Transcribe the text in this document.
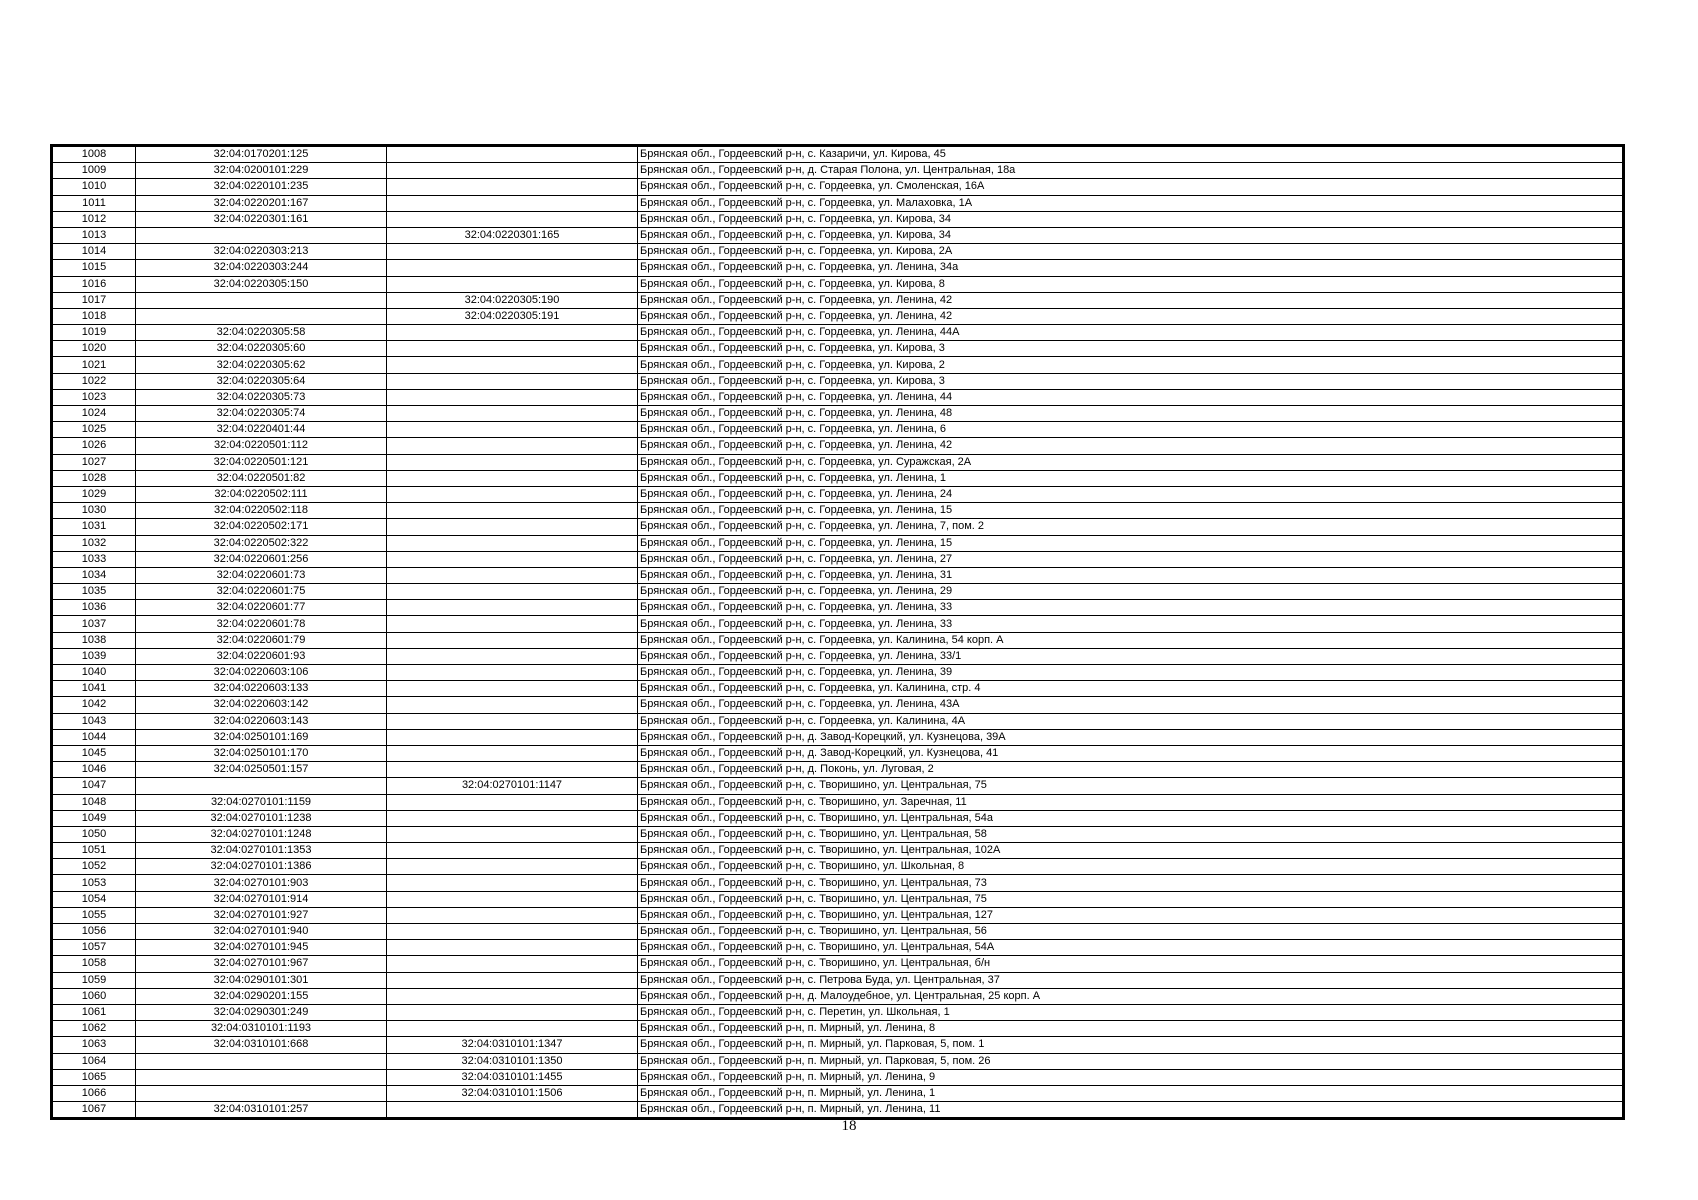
1008	32:04:0170201:125		Брянская обл., Гордеевский р-н, с. Казаричи, ул. Кирова, 45
1009	32:04:0200101:229		Брянская обл., Гордеевский р-н, д. Старая Полона, ул. Центральная, 18а
1010	32:04:0220101:235		Брянская обл., Гордеевский р-н, с. Гордеевка, ул. Смоленская, 16А
1011	32:04:0220201:167		Брянская обл., Гордеевский р-н, с. Гордеевка, ул. Малаховка, 1А
1012	32:04:0220301:161		Брянская обл., Гордеевский р-н, с. Гордеевка, ул. Кирова, 34
1013		32:04:0220301:165	Брянская обл., Гордеевский р-н, с. Гордеевка, ул. Кирова, 34
1014	32:04:0220303:213		Брянская обл., Гордеевский р-н, с. Гордеевка, ул. Кирова, 2А
1015	32:04:0220303:244		Брянская обл., Гордеевский р-н, с. Гордеевка, ул. Ленина, 34а
1016	32:04:0220305:150		Брянская обл., Гордеевский р-н, с. Гордеевка, ул. Кирова, 8
1017		32:04:0220305:190	Брянская обл., Гордеевский р-н, с. Гордеевка, ул. Ленина, 42
1018		32:04:0220305:191	Брянская обл., Гордеевский р-н, с. Гордеевка, ул. Ленина, 42
1019	32:04:0220305:58		Брянская обл., Гордеевский р-н, с. Гордеевка, ул. Ленина, 44А
1020	32:04:0220305:60		Брянская обл., Гордеевский р-н, с. Гордеевка, ул. Кирова, 3
1021	32:04:0220305:62		Брянская обл., Гордеевский р-н, с. Гордеевка, ул. Кирова, 2
1022	32:04:0220305:64		Брянская обл., Гордеевский р-н, с. Гордеевка, ул. Кирова, 3
1023	32:04:0220305:73		Брянская обл., Гордеевский р-н, с. Гордеевка, ул. Ленина, 44
1024	32:04:0220305:74		Брянская обл., Гордеевский р-н, с. Гордеевка, ул. Ленина, 48
1025	32:04:0220401:44		Брянская обл., Гордеевский р-н, с. Гордеевка, ул. Ленина, 6
1026	32:04:0220501:112		Брянская обл., Гордеевский р-н, с. Гордеевка, ул. Ленина, 42
1027	32:04:0220501:121		Брянская обл., Гордеевский р-н, с. Гордеевка, ул. Суражская, 2А
1028	32:04:0220501:82		Брянская обл., Гордеевский р-н, с. Гордеевка, ул. Ленина, 1
1029	32:04:0220502:111		Брянская обл., Гордеевский р-н, с. Гордеевка, ул. Ленина, 24
1030	32:04:0220502:118		Брянская обл., Гордеевский р-н, с. Гордеевка, ул. Ленина, 15
1031	32:04:0220502:171		Брянская обл., Гордеевский р-н, с. Гордеевка, ул. Ленина, 7, пом. 2
1032	32:04:0220502:322		Брянская обл., Гордеевский р-н, с. Гордеевка, ул. Ленина, 15
1033	32:04:0220601:256		Брянская обл., Гордеевский р-н, с. Гордеевка, ул. Ленина, 27
1034	32:04:0220601:73		Брянская обл., Гордеевский р-н, с. Гордеевка, ул. Ленина, 31
1035	32:04:0220601:75		Брянская обл., Гордеевский р-н, с. Гордеевка, ул. Ленина, 29
1036	32:04:0220601:77		Брянская обл., Гордеевский р-н, с. Гордеевка, ул. Ленина, 33
1037	32:04:0220601:78		Брянская обл., Гордеевский р-н, с. Гордеевка, ул. Ленина, 33
1038	32:04:0220601:79		Брянская обл., Гордеевский р-н, с. Гордеевка, ул. Калинина, 54 корп. А
1039	32:04:0220601:93		Брянская обл., Гордеевский р-н, с. Гордеевка, ул. Ленина, 33/1
1040	32:04:0220603:106		Брянская обл., Гордеевский р-н, с. Гордеевка, ул. Ленина, 39
1041	32:04:0220603:133		Брянская обл., Гордеевский р-н, с. Гордеевка, ул. Калинина, стр. 4
1042	32:04:0220603:142		Брянская обл., Гордеевский р-н, с. Гордеевка, ул. Ленина, 43А
1043	32:04:0220603:143		Брянская обл., Гордеевский р-н, с. Гордеевка, ул. Калинина, 4А
1044	32:04:0250101:169		Брянская обл., Гордеевский р-н, д. Завод-Корецкий, ул. Кузнецова, 39А
1045	32:04:0250101:170		Брянская обл., Гордеевский р-н, д. Завод-Корецкий, ул. Кузнецова, 41
1046	32:04:0250501:157		Брянская обл., Гордеевский р-н, д. Поконь, ул. Луговая, 2
1047		32:04:0270101:1147	Брянская обл., Гордеевский р-н, с. Творишино, ул. Центральная, 75
1048	32:04:0270101:1159		Брянская обл., Гордеевский р-н, с. Творишино, ул. Заречная, 11
1049	32:04:0270101:1238		Брянская обл., Гордеевский р-н, с. Творишино, ул. Центральная, 54а
1050	32:04:0270101:1248		Брянская обл., Гордеевский р-н, с. Творишино, ул. Центральная, 58
1051	32:04:0270101:1353		Брянская обл., Гордеевский р-н, с. Творишино, ул. Центральная, 102А
1052	32:04:0270101:1386		Брянская обл., Гордеевский р-н, с. Творишино, ул. Школьная, 8
1053	32:04:0270101:903		Брянская обл., Гордеевский р-н, с. Творишино, ул. Центральная, 73
1054	32:04:0270101:914		Брянская обл., Гордеевский р-н, с. Творишино, ул. Центральная, 75
1055	32:04:0270101:927		Брянская обл., Гордеевский р-н, с. Творишино, ул. Центральная, 127
1056	32:04:0270101:940		Брянская обл., Гордеевский р-н, с. Творишино, ул. Центральная, 56
1057	32:04:0270101:945		Брянская обл., Гордеевский р-н, с. Творишино, ул. Центральная, 54А
1058	32:04:0270101:967		Брянская обл., Гордеевский р-н, с. Творишино, ул. Центральная, б/н
1059	32:04:0290101:301		Брянская обл., Гордеевский р-н, с. Петрова Буда, ул. Центральная, 37
1060	32:04:0290201:155		Брянская обл., Гордеевский р-н, д. Малоудебное, ул. Центральная, 25 корп. А
1061	32:04:0290301:249		Брянская обл., Гордеевский р-н, с. Перетин, ул. Школьная, 1
1062	32:04:0310101:1193		Брянская обл., Гордеевский р-н, п. Мирный, ул. Ленина, 8
1063	32:04:0310101:668	32:04:0310101:1347	Брянская обл., Гордеевский р-н, п. Мирный, ул. Парковая, 5, пом. 1
1064		32:04:0310101:1350	Брянская обл., Гордеевский р-н, п. Мирный, ул. Парковая, 5, пом. 26
1065		32:04:0310101:1455	Брянская обл., Гордеевский р-н, п. Мирный, ул. Ленина, 9
1066		32:04:0310101:1506	Брянская обл., Гордеевский р-н, п. Мирный, ул. Ленина, 1
1067	32:04:0310101:257		Брянская обл., Гордеевский р-н, п. Мирный, ул. Ленина, 11
18
